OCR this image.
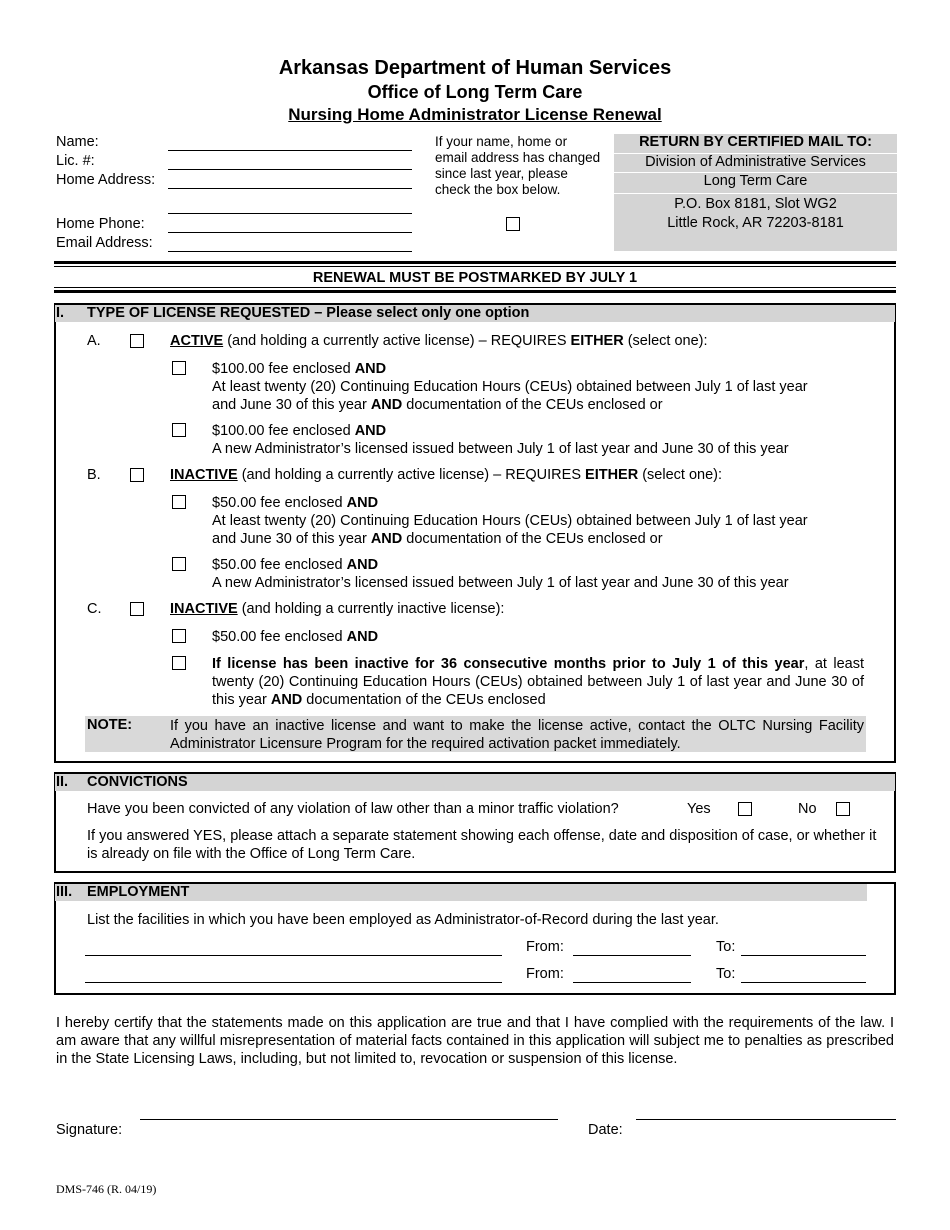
Arkansas Department of Human Services
Office of Long Term Care
Nursing Home Administrator License Renewal
Name:
Lic. #:
Home Address:
Home Phone:
Email Address:
If your name, home or email address has changed since last year, please check the box below.
RETURN BY CERTIFIED MAIL TO:
Division of Administrative Services
Long Term Care
P.O. Box 8181, Slot WG2
Little Rock, AR 72203-8181
RENEWAL MUST BE POSTMARKED BY JULY 1
I. TYPE OF LICENSE REQUESTED – Please select only one option
A.	ACTIVE (and holding a currently active license) – REQUIRES EITHER (select one):
$100.00 fee enclosed AND
At least twenty (20) Continuing Education Hours (CEUs) obtained between July 1 of last year
and June 30 of this year AND documentation of the CEUs enclosed or
$100.00 fee enclosed AND
A new Administrator’s licensed issued between July 1 of last year and June 30 of this year
B.	INACTIVE (and holding a currently active license) – REQUIRES EITHER (select one):
$50.00 fee enclosed AND
At least twenty (20) Continuing Education Hours (CEUs) obtained between July 1 of last year
and June 30 of this year AND documentation of the CEUs enclosed or
$50.00 fee enclosed AND
A new Administrator’s licensed issued between July 1 of last year and June 30 of this year
C.	INACTIVE (and holding a currently inactive license):
$50.00 fee enclosed AND
If license has been inactive for 36 consecutive months prior to July 1 of this year, at least twenty (20) Continuing Education Hours (CEUs) obtained between July 1 of last year and June 30 of this year AND documentation of the CEUs enclosed
NOTE:	If you have an inactive license and want to make the license active, contact the OLTC Nursing Facility Administrator Licensure Program for the required activation packet immediately.
II. CONVICTIONS
Have you been convicted of any violation of law other than a minor traffic violation?	Yes	No
If you answered YES, please attach a separate statement showing each offense, date and disposition of case, or whether it is already on file with the Office of Long Term Care.
III. EMPLOYMENT
List the facilities in which you have been employed as Administrator-of-Record during the last year.
From:	To:
From:	To:
I hereby certify that the statements made on this application are true and that I have complied with the requirements of the law. I am aware that any willful misrepresentation of material facts contained in this application will subject me to penalties as prescribed in the State Licensing Laws, including, but not limited to, revocation or suspension of this license.
Signature:	Date:
DMS-746 (R. 04/19)
